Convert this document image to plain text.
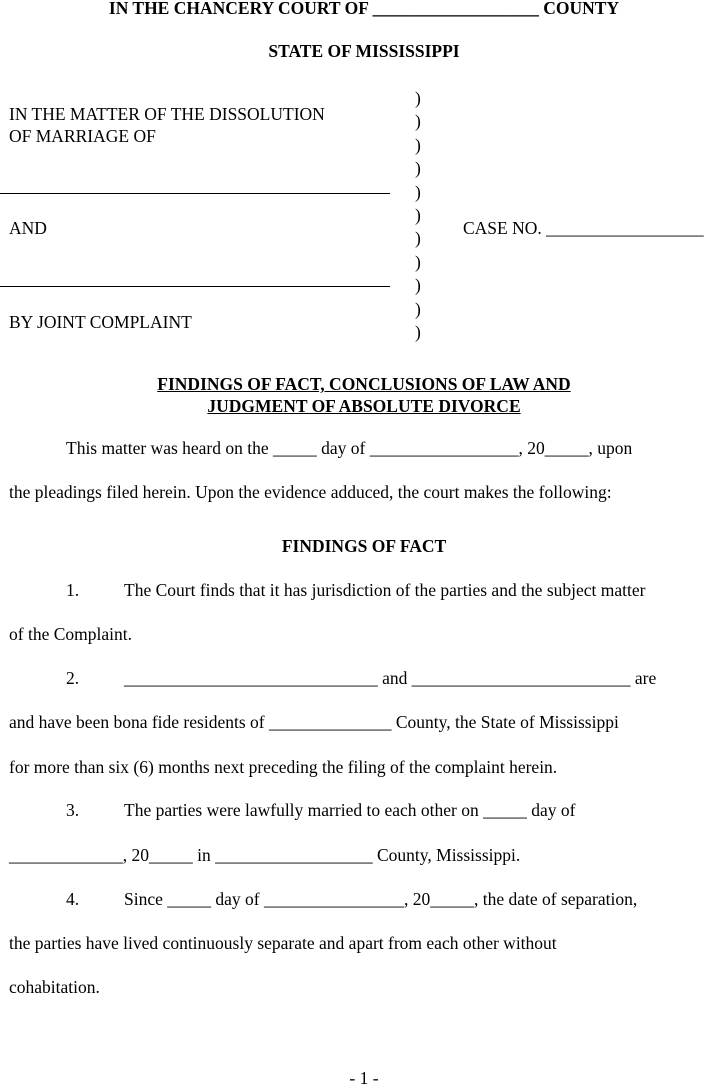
IN THE CHANCERY COURT OF ___________________ COUNTY
STATE OF MISSISSIPPI
IN THE MATTER OF THE DISSOLUTION
OF MARRIAGE OF
AND
BY JOINT COMPLAINT
)
)
)
)
)
)
)
)
)
)
)
CASE NO. __________________
FINDINGS OF FACT, CONCLUSIONS OF LAW AND
JUDGMENT OF ABSOLUTE DIVORCE
This matter was heard on the _____ day of _________________, 20_____, upon
the pleadings filed herein. Upon the evidence adduced, the court makes the following:
FINDINGS OF FACT
1.	The Court finds that it has jurisdiction of the parties and the subject matter
of the Complaint.
2.	_____________________________ and _________________________ are
and have been bona fide residents of ______________ County, the State of Mississippi
for more than six (6) months next preceding the filing of the complaint herein.
3.	The parties were lawfully married to each other on _____ day of
_____________, 20_____ in __________________ County, Mississippi.
4.	Since _____ day of ________________, 20_____, the date of separation,
the parties have lived continuously separate and apart from each other without
cohabitation.
- 1 -
